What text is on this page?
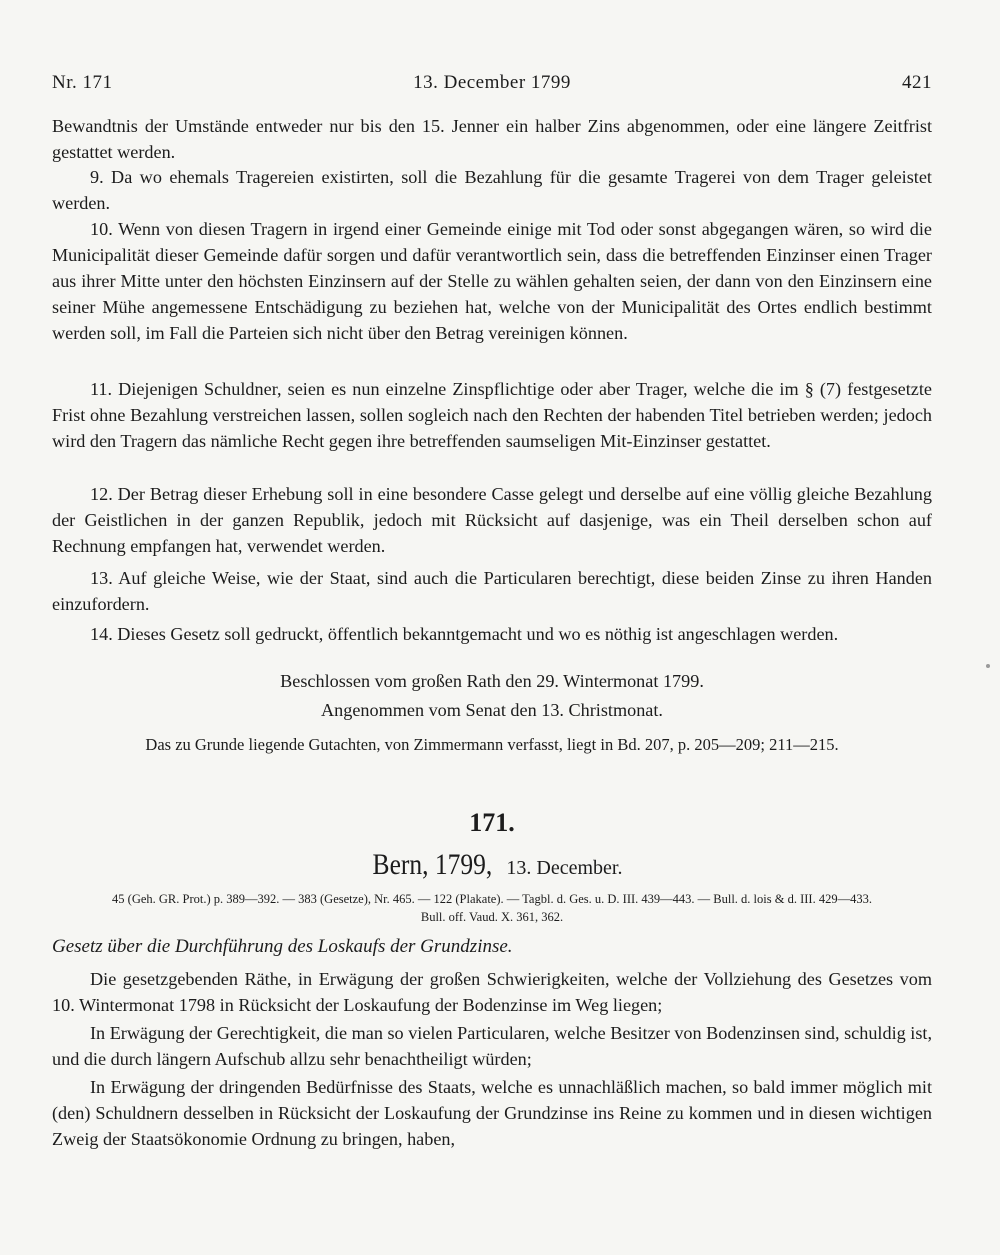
Nr. 171	13. December 1799	421

Bewandtnis der Umstände entweder nur bis den 15. Jenner ein halber Zins abgenommen, oder eine längere Zeitfrist gestattet werden.

9. Da wo ehemals Tragereien existirten, soll die Bezahlung für die gesamte Tragerei von dem Trager geleistet werden.

10. Wenn von diesen Tragern in irgend einer Gemeinde einige mit Tod oder sonst abgegangen wären, so wird die Municipalität dieser Gemeinde dafür sorgen und dafür verantwortlich sein, dass die betreffenden Einzinser einen Trager aus ihrer Mitte unter den höchsten Einzinsern auf der Stelle zu wählen gehalten seien, der dann von den Einzinsern eine seiner Mühe angemessene Entschädigung zu beziehen hat, welche von der Municipalität des Ortes endlich bestimmt werden soll, im Fall die Parteien sich nicht über den Betrag vereinigen können.

11. Diejenigen Schuldner, seien es nun einzelne Zinspflichtige oder aber Trager, welche die im § (7) festgesetzte Frist ohne Bezahlung verstreichen lassen, sollen sogleich nach den Rechten der habenden Titel betrieben werden; jedoch wird den Tragern das nämliche Recht gegen ihre betreffenden saumseligen Mit-Einzinser gestattet.

12. Der Betrag dieser Erhebung soll in eine besondere Casse gelegt und derselbe auf eine völlig gleiche Bezahlung der Geistlichen in der ganzen Republik, jedoch mit Rücksicht auf dasjenige, was ein Theil derselben schon auf Rechnung empfangen hat, verwendet werden.

13. Auf gleiche Weise, wie der Staat, sind auch die Particularen berechtigt, diese beiden Zinse zu ihren Handen einzufordern.

14. Dieses Gesetz soll gedruckt, öffentlich bekanntgemacht und wo es nöthig ist angeschlagen werden.

Beschlossen vom großen Rath den 29. Wintermonat 1799.
Angenommen vom Senat den 13. Christmonat.
Das zu Grunde liegende Gutachten, von Zimmermann verfasst, liegt in Bd. 207, p. 205—209; 211—215.
171.
Bern, 1799, 13. December.
45 (Geh. GR. Prot.) p. 389—392. — 383 (Gesetze), Nr. 465. — 122 (Plakate). — Tagbl. d. Ges. u. D. III. 439—443. — Bull. d. lois & d. III. 429—433.
Bull. off. Vaud. X. 361, 362.
Gesetz über die Durchführung des Loskaufs der Grundzinse.

Die gesetzgebenden Räthe, in Erwägung der großen Schwierigkeiten, welche der Vollziehung des Gesetzes vom 10. Wintermonat 1798 in Rücksicht der Loskaufung der Bodenzinse im Weg liegen;

In Erwägung der Gerechtigkeit, die man so vielen Particularen, welche Besitzer von Bodenzinsen sind, schuldig ist, und die durch längern Aufschub allzu sehr benachtheiligt würden;

In Erwägung der dringenden Bedürfnisse des Staats, welche es unnachläßlich machen, so bald immer möglich mit (den) Schuldnern desselben in Rücksicht der Loskaufung der Grundzinse ins Reine zu kommen und in diesen wichtigen Zweig der Staatsökonomie Ordnung zu bringen, haben,
